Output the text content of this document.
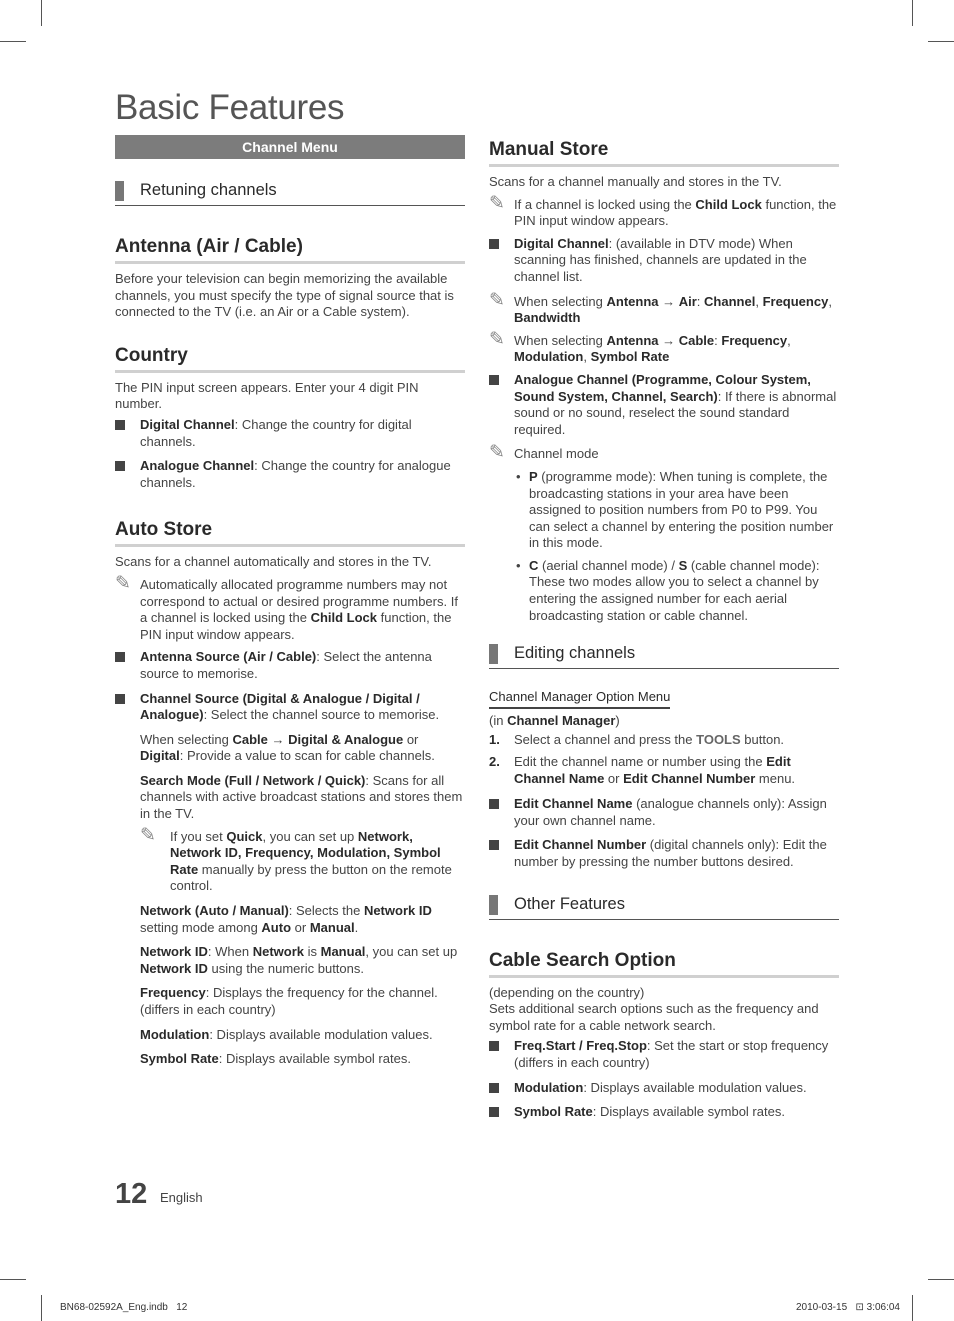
Basic Features
Channel Menu
Retuning channels
Antenna (Air / Cable)

Before your television can begin memorizing the available channels, you must specify the type of signal source that is connected to the TV (i.e. an Air or a Cable system).

Country

The PIN input screen appears. Enter your 4 digit PIN number.

Digital Channel: Change the country for digital channels.
Analogue Channel: Change the country for analogue channels.
Auto Store

Scans for a channel automatically and stores in the TV.

✎ Automatically allocated programme numbers may not correspond to actual or desired programme numbers. If a channel is locked using the Child Lock function, the PIN input window appears.
Antenna Source (Air / Cable): Select the antenna source to memorise.
Channel Source (Digital & Analogue / Digital / Analogue): Select the channel source to memorise.
When selecting Cable → Digital & Analogue or Digital: Provide a value to scan for cable channels.
Search Mode (Full / Network / Quick): Scans for all channels with active broadcast stations and stores them in the TV.
✎ If you set Quick, you can set up Network, Network ID, Frequency, Modulation, Symbol Rate manually by press the button on the remote control.
Network (Auto / Manual): Selects the Network ID setting mode among Auto or Manual.
Network ID: When Network is Manual, you can set up Network ID using the numeric buttons.
Frequency: Displays the frequency for the channel. (differs in each country)
Modulation: Displays available modulation values.
Symbol Rate: Displays available symbol rates.
Manual Store

Scans for a channel manually and stores in the TV.

✎ If a channel is locked using the Child Lock function, the PIN input window appears.
Digital Channel: (available in DTV mode) When scanning has finished, channels are updated in the channel list.
✎ When selecting Antenna → Air: Channel, Frequency, Bandwidth
✎ When selecting Antenna → Cable: Frequency, Modulation, Symbol Rate
Analogue Channel (Programme, Colour System, Sound System, Channel, Search): If there is abnormal sound or no sound, reselect the sound standard required.
✎ Channel mode
• P (programme mode): When tuning is complete, the broadcasting stations in your area have been assigned to position numbers from P0 to P99. You can select a channel by entering the position number in this mode.
• C (aerial channel mode) / S (cable channel mode): These two modes allow you to select a channel by entering the assigned number for each aerial broadcasting station or cable channel.
Editing channels
Channel Manager Option Menu

(in Channel Manager)

1. Select a channel and press the TOOLS button.
2. Edit the channel name or number using the Edit Channel Name or Edit Channel Number menu.
Edit Channel Name (analogue channels only): Assign your own channel name.
Edit Channel Number (digital channels only): Edit the number by pressing the number buttons desired.
Other Features
Cable Search Option

(depending on the country)

Sets additional search options such as the frequency and symbol rate for a cable network search.

Freq.Start / Freq.Stop: Set the start or stop frequency (differs in each country)
Modulation: Displays available modulation values.
Symbol Rate: Displays available symbol rates.
12 English
BN68-02592A_Eng.indb   12	2010-03-15   ⊡ 3:06:04
